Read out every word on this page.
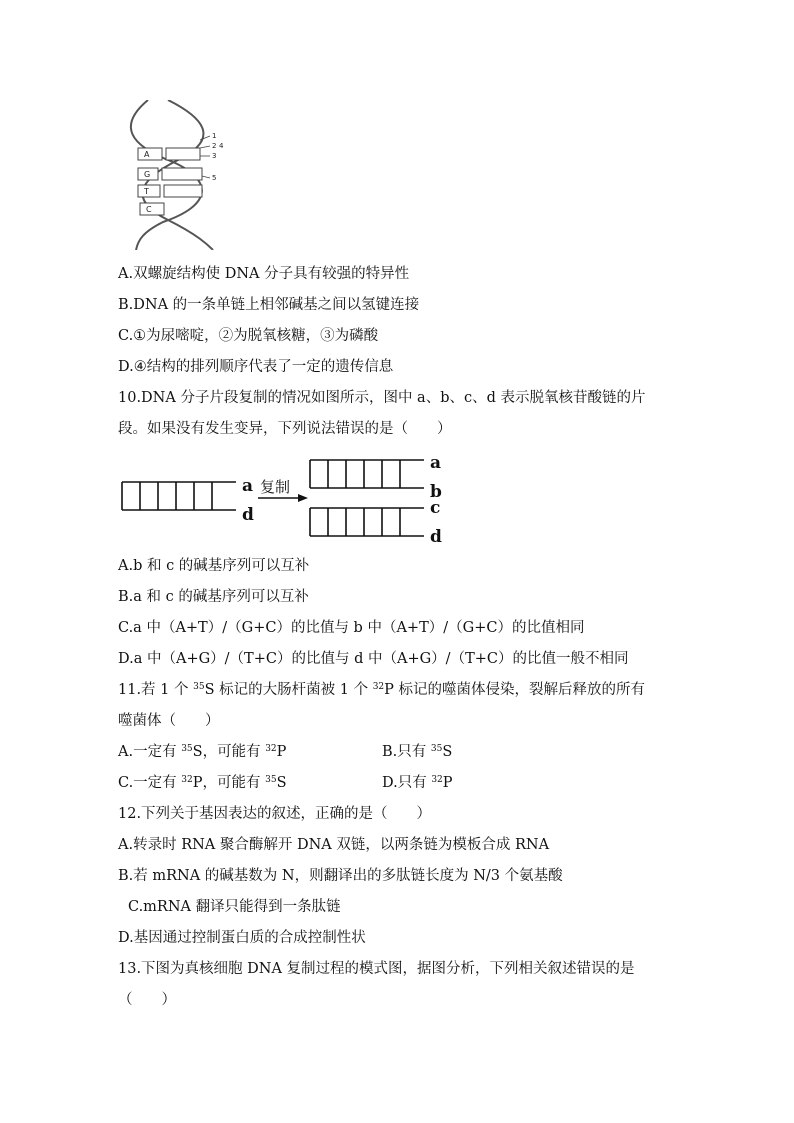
A
G
T
C
1
2
3
4
5
A.双螺旋结构使 DNA 分子具有较强的特异性
B.DNA 的一条单链上相邻碱基之间以氢键连接
C.①为尿嘧啶，②为脱氧核糖，③为磷酸
D.④结构的排列顺序代表了一定的遗传信息
10.DNA 分子片段复制的情况如图所示，图中 a、b、c、d 表示脱氧核苷酸链的片
段。如果没有发生变异，下列说法错误的是（　　）
a
d
a
b
c
d
复制
A.b 和 c 的碱基序列可以互补
B.a 和 c 的碱基序列可以互补
C.a 中（A+T）/（G+C）的比值与 b 中（A+T）/（G+C）的比值相同
D.a 中（A+G）/（T+C）的比值与 d 中（A+G）/（T+C）的比值一般不相同
11.若 1 个 $^{35}$S 标记的大肠杆菌被 1 个 $^{32}$P 标记的噬菌体侵染，裂解后释放的所有
噬菌体（　　）
A.一定有 $^{35}$S，可能有 $^{32}$P	B.只有 $^{35}$S
C.一定有 $^{32}$P，可能有 $^{35}$S	D.只有 $^{32}$P
12.下列关于基因表达的叙述，正确的是（　　）
A.转录时 RNA 聚合酶解开 DNA 双链，以两条链为模板合成 RNA
B.若 mRNA 的碱基数为 N，则翻译出的多肽链长度为 N/3 个氨基酸
C.mRNA 翻译只能得到一条肽链
D.基因通过控制蛋白质的合成控制性状
13.下图为真核细胞 DNA 复制过程的模式图，据图分析，下列相关叙述错误的是
（　　）
